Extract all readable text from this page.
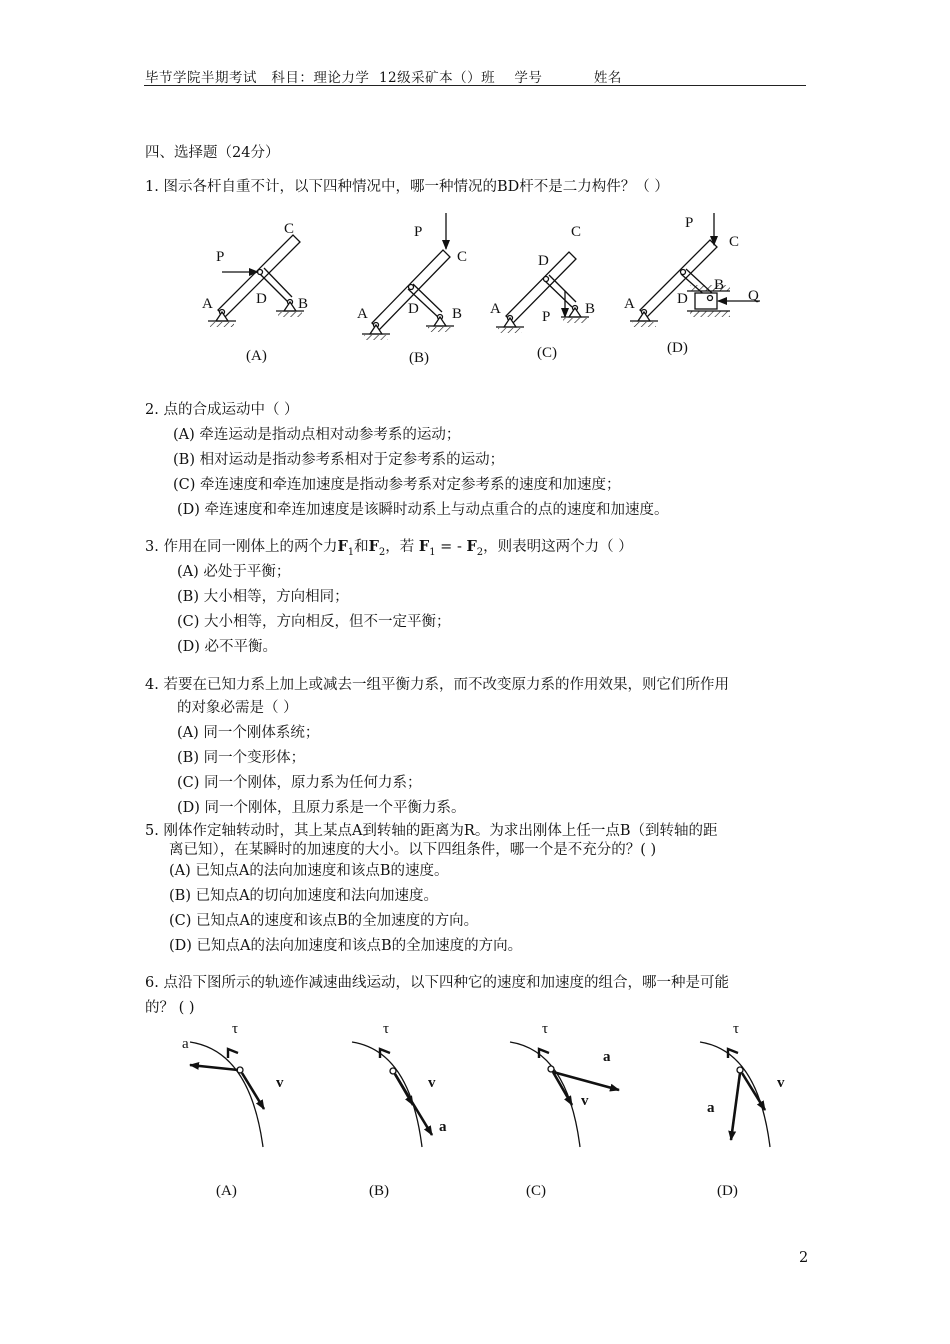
毕节学院半期考试 科目：理论力学 12级采矿本（）班 学号	姓名
四、选择题（24分）
1. 图示各杆自重不计，以下四种情况中，哪一种情况的BD杆不是二力构件？（ ）
C
P
A	D B
(A)
P
C
A	D B
(B)
C
D
A	B
P
(C)
P
C
B
Q
A	D
(D)
2. 点的合成运动中（ ）
(A) 牵连运动是指动点相对动参考系的运动；
(B) 相对运动是指动参考系相对于定参考系的运动；
(C) 牵连速度和牵连加速度是指动参考系对定参考系的速度和加速度；
(D) 牵连速度和牵连加速度是该瞬时动系上与动点重合的点的速度和加速度。
3. 作用在同一刚体上的两个力$F_1$和$F_2$，若 $F_1$ = - $F_2$，则表明这两个力（ ）
(A) 必处于平衡；
(B) 大小相等，方向相同；
(C) 大小相等，方向相反，但不一定平衡；
(D) 必不平衡。
4. 若要在已知力系上加上或减去一组平衡力系，而不改变原力系的作用效果，则它们所作用
的对象必需是（ ）
(A) 同一个刚体系统；
(B) 同一个变形体；
(C) 同一个刚体，原力系为任何力系；
(D) 同一个刚体，且原力系是一个平衡力系。
5. 刚体作定轴转动时，其上某点A到转轴的距离为R。为求出刚体上任一点B（到转轴的距
离已知），在某瞬时的加速度的大小。以下四组条件，哪一个是不充分的？( )
(A) 已知点A的法向加速度和该点B的速度。
(B) 已知点A的切向加速度和法向加速度。
(C) 已知点A的速度和该点B的全加速度的方向。
(D) 已知点A的法向加速度和该点B的全加速度的方向。
6. 点沿下图所示的轨迹作减速曲线运动，以下四种它的速度和加速度的组合，哪一种是可能
的？ ( )
τ
a
v
(A)
τ
v
a
(B)
τ
a
v
(C)
τ
v
a
(D)
2
